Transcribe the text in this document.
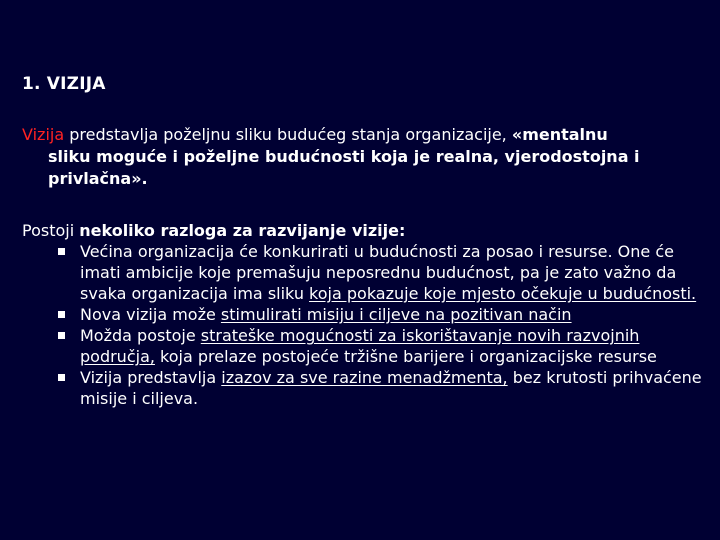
1. VIZIJA

Vizija predstavlja poželjnu sliku budućeg stanja organizacije, «mentalnu
sliku moguće i poželjne budućnosti koja je realna, vjerodostojna i privlačna».

Postoji nekoliko razloga za razvijanje vizije:
Većina organizacija će konkurirati u budućnosti za posao i resurse. One će imati ambicije koje premašuju neposrednu budućnost, pa je zato važno da svaka organizacija ima sliku koja pokazuje koje mjesto očekuje u budućnosti.
Nova vizija može stimulirati misiju i ciljeve na pozitivan način
Možda postoje strateške mogućnosti za iskorištavanje novih razvojnih područja, koja prelaze postojeće tržišne barijere i organizacijske resurse
Vizija predstavlja izazov za sve razine menadžmenta, bez krutosti prihvaćene misije i ciljeva.
